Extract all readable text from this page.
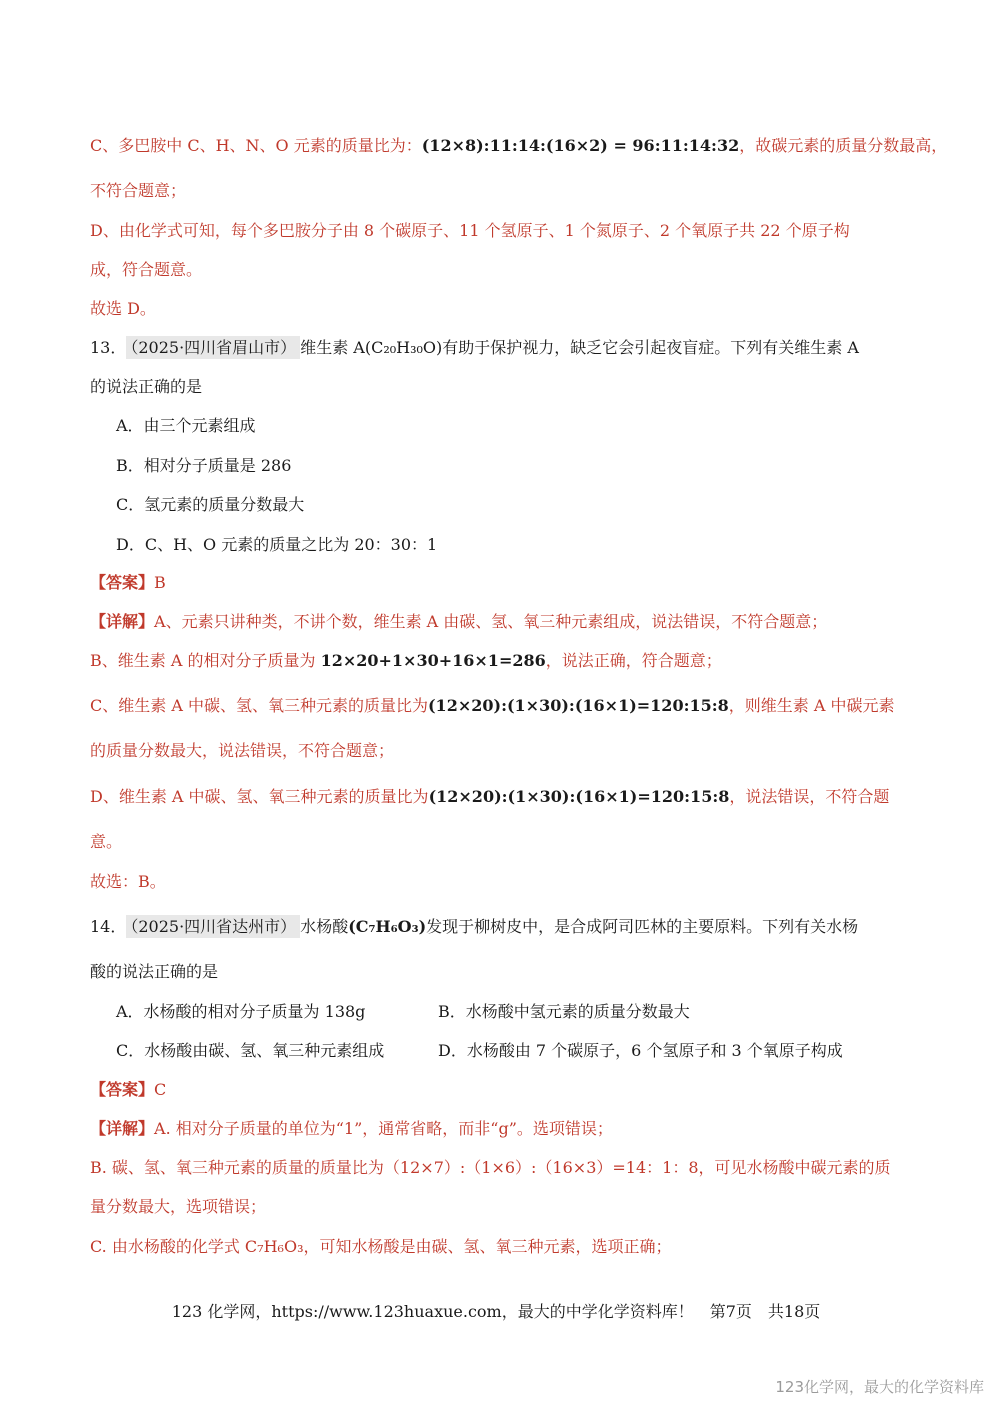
C、多巴胺中 C、H、N、O 元素的质量比为：(12×8):11:14:(16×2) = 96:11:14:32，故碳元素的质量分数最高，
不符合题意；
D、由化学式可知，每个多巴胺分子由 8 个碳原子、11 个氢原子、1 个氮原子、2 个氧原子共 22 个原子构
成，符合题意。
故选 D。
13． （2025·四川省眉山市） 维生素 A(C₂₀H₃₀O)有助于保护视力，缺乏它会引起夜盲症。下列有关维生素 A
的说法正确的是
A．由三个元素组成
B．相对分子质量是 286
C．氢元素的质量分数最大
D．C、H、O 元素的质量之比为 20：30：1
【答案】B
【详解】A、元素只讲种类，不讲个数，维生素 A 由碳、氢、氧三种元素组成，说法错误，不符合题意；
B、维生素 A 的相对分子质量为 12×20+1×30+16×1=286，说法正确，符合题意；
C、维生素 A 中碳、氢、氧三种元素的质量比为(12×20):(1×30):(16×1)=120:15:8，则维生素 A 中碳元素
的质量分数最大，说法错误，不符合题意；
D、维生素 A 中碳、氢、氧三种元素的质量比为(12×20):(1×30):(16×1)=120:15:8，说法错误，不符合题
意。
故选：B。
14． （2025·四川省达州市） 水杨酸(C₇H₆O₃)发现于柳树皮中，是合成阿司匹林的主要原料。下列有关水杨
酸的说法正确的是
A．水杨酸的相对分子质量为 138g	B．水杨酸中氢元素的质量分数最大
C．水杨酸由碳、氢、氧三种元素组成	D．水杨酸由 7 个碳原子，6 个氢原子和 3 个氧原子构成
【答案】C
【详解】A. 相对分子质量的单位为“1”，通常省略，而非“g”。选项错误；
B. 碳、氢、氧三种元素的质量的质量比为（12×7）:（1×6）:（16×3）=14：1：8，可见水杨酸中碳元素的质
量分数最大，选项错误；
C. 由水杨酸的化学式 C₇H₆O₃，可知水杨酸是由碳、氢、氧三种元素，选项正确；
123 化学网，https://www.123huaxue.com，最大的中学化学资料库！　第7页　共18页
123化学网，最大的化学资料库
